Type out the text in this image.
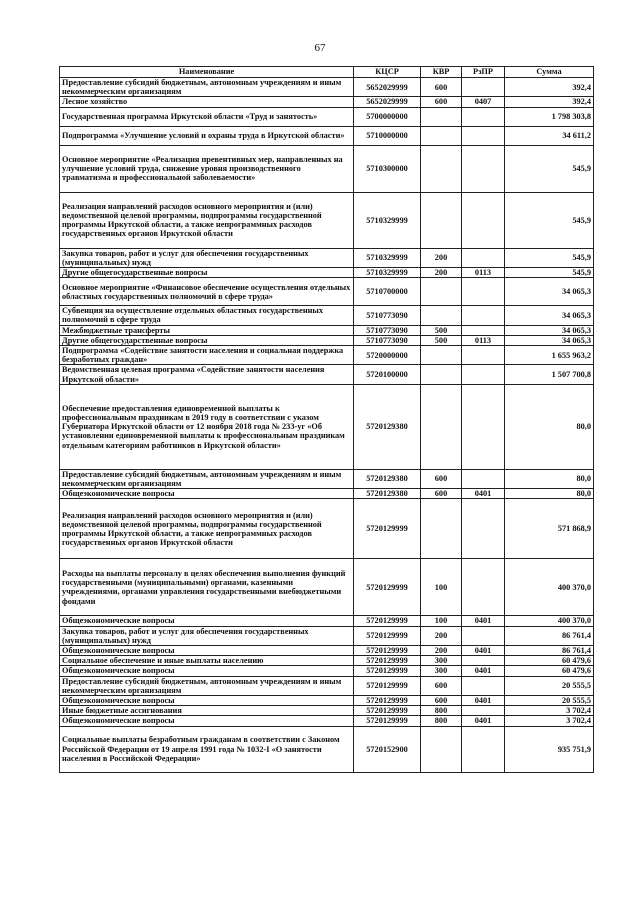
67
Наименование	КЦСР	КВР	РзПР	Сумма
Предоставление субсидий бюджетным, автономным учреждениям и иным некоммерческим организациям	5652029999	600		392,4
Лесное хозяйство	5652029999	600	0407	392,4
Государственная программа Иркутской области «Труд и занятость»	5700000000			1 798 303,8
Подпрограмма «Улучшение условий и охраны труда в Иркутской области»	5710000000			34 611,2
Основное мероприятие «Реализация превентивных мер, направленных на улучшение условий труда, снижение уровня производственного травматизма и профессиональной заболеваемости»	5710300000			545,9
Реализация направлений расходов основного мероприятия и (или) ведомственной целевой программы, подпрограммы государственной программы Иркутской области, а также непрограммных расходов государственных органов Иркутской области	5710329999			545,9
Закупка товаров, работ и услуг для обеспечения государственных (муниципальных) нужд	5710329999	200		545,9
Другие общегосударственные вопросы	5710329999	200	0113	545,9
Основное мероприятие «Финансовое обеспечение осуществления отдельных областных государственных полномочий в сфере труда»	5710700000			34 065,3
Субвенция на осуществление отдельных областных государственных полномочий в сфере труда	5710773090			34 065,3
Межбюджетные трансферты	5710773090	500		34 065,3
Другие общегосударственные вопросы	5710773090	500	0113	34 065,3
Подпрограмма «Содействие занятости населения и социальная поддержка безработных граждан»	5720000000			1 655 963,2
Ведомственная целевая программа «Содействие занятости населения Иркутской области»	5720100000			1 507 700,8
Обеспечение предоставления единовременной выплаты к профессиональным праздникам в 2019 году в соответствии с указом Губернатора Иркутской области от 12 ноября 2018 года № 233-уг «Об установлении единовременной выплаты к профессиональным праздникам отдельным категориям работников в Иркутской области»	5720129380			80,0
Предоставление субсидий бюджетным, автономным учреждениям и иным некоммерческим организациям	5720129380	600		80,0
Общеэкономические вопросы	5720129380	600	0401	80,0
Реализация направлений расходов основного мероприятия и (или) ведомственной целевой программы, подпрограммы государственной программы Иркутской области, а также непрограммных расходов государственных органов Иркутской области	5720129999			571 868,9
Расходы на выплаты персоналу в целях обеспечения выполнения функций государственными (муниципальными) органами, казенными учреждениями, органами управления государственными внебюджетными фондами	5720129999	100		400 370,0
Общеэкономические вопросы	5720129999	100	0401	400 370,0
Закупка товаров, работ и услуг для обеспечения государственных (муниципальных) нужд	5720129999	200		86 761,4
Общеэкономические вопросы	5720129999	200	0401	86 761,4
Социальное обеспечение и иные выплаты населению	5720129999	300		60 479,6
Общеэкономические вопросы	5720129999	300	0401	60 479,6
Предоставление субсидий бюджетным, автономным учреждениям и иным некоммерческим организациям	5720129999	600		20 555,5
Общеэкономические вопросы	5720129999	600	0401	20 555,5
Иные бюджетные ассигнования	5720129999	800		3 702,4
Общеэкономические вопросы	5720129999	800	0401	3 702,4
Социальные выплаты безработным гражданам в соответствии с Законом Российской Федерации от 19 апреля 1991 года № 1032-I «О занятости населения в Российской Федерации»	5720152900			935 751,9
